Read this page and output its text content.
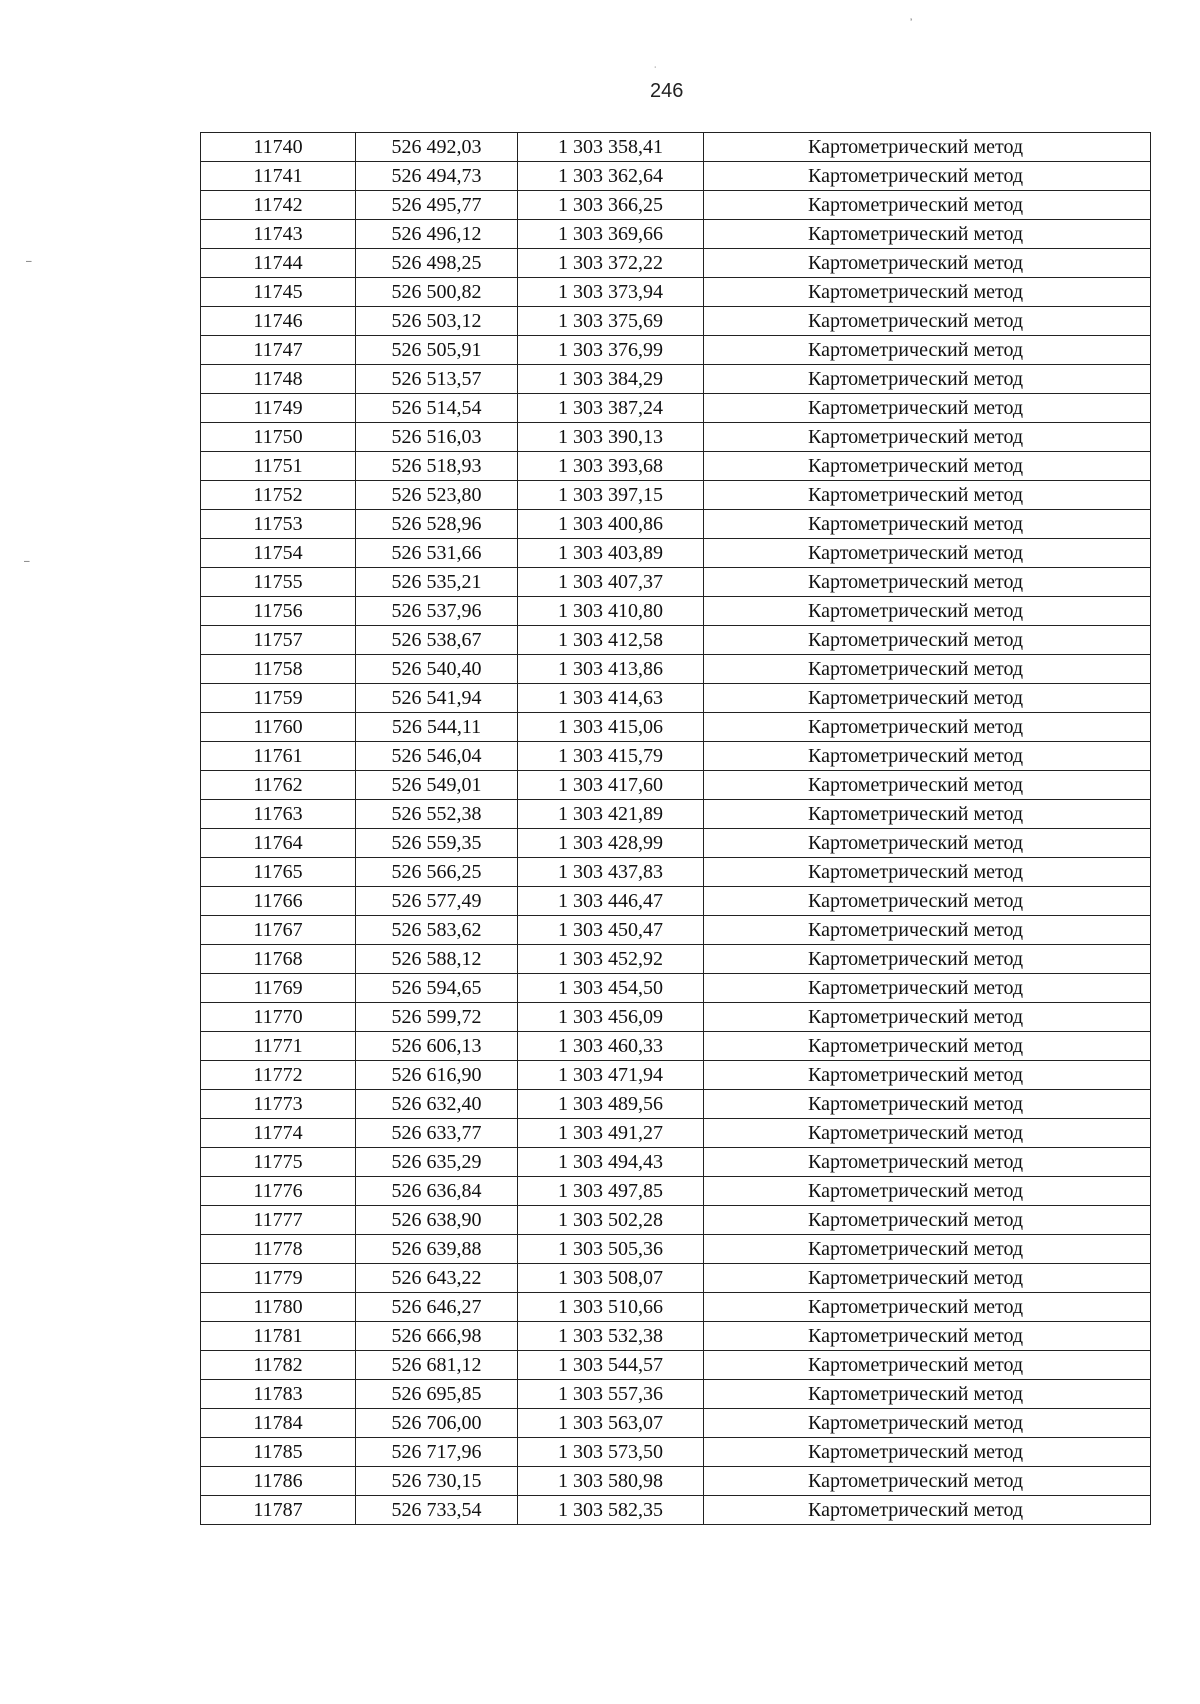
246
ʼ
˙
–
–
11740	526 492,03	1 303 358,41	Картометрический метод
11741	526 494,73	1 303 362,64	Картометрический метод
11742	526 495,77	1 303 366,25	Картометрический метод
11743	526 496,12	1 303 369,66	Картометрический метод
11744	526 498,25	1 303 372,22	Картометрический метод
11745	526 500,82	1 303 373,94	Картометрический метод
11746	526 503,12	1 303 375,69	Картометрический метод
11747	526 505,91	1 303 376,99	Картометрический метод
11748	526 513,57	1 303 384,29	Картометрический метод
11749	526 514,54	1 303 387,24	Картометрический метод
11750	526 516,03	1 303 390,13	Картометрический метод
11751	526 518,93	1 303 393,68	Картометрический метод
11752	526 523,80	1 303 397,15	Картометрический метод
11753	526 528,96	1 303 400,86	Картометрический метод
11754	526 531,66	1 303 403,89	Картометрический метод
11755	526 535,21	1 303 407,37	Картометрический метод
11756	526 537,96	1 303 410,80	Картометрический метод
11757	526 538,67	1 303 412,58	Картометрический метод
11758	526 540,40	1 303 413,86	Картометрический метод
11759	526 541,94	1 303 414,63	Картометрический метод
11760	526 544,11	1 303 415,06	Картометрический метод
11761	526 546,04	1 303 415,79	Картометрический метод
11762	526 549,01	1 303 417,60	Картометрический метод
11763	526 552,38	1 303 421,89	Картометрический метод
11764	526 559,35	1 303 428,99	Картометрический метод
11765	526 566,25	1 303 437,83	Картометрический метод
11766	526 577,49	1 303 446,47	Картометрический метод
11767	526 583,62	1 303 450,47	Картометрический метод
11768	526 588,12	1 303 452,92	Картометрический метод
11769	526 594,65	1 303 454,50	Картометрический метод
11770	526 599,72	1 303 456,09	Картометрический метод
11771	526 606,13	1 303 460,33	Картометрический метод
11772	526 616,90	1 303 471,94	Картометрический метод
11773	526 632,40	1 303 489,56	Картометрический метод
11774	526 633,77	1 303 491,27	Картометрический метод
11775	526 635,29	1 303 494,43	Картометрический метод
11776	526 636,84	1 303 497,85	Картометрический метод
11777	526 638,90	1 303 502,28	Картометрический метод
11778	526 639,88	1 303 505,36	Картометрический метод
11779	526 643,22	1 303 508,07	Картометрический метод
11780	526 646,27	1 303 510,66	Картометрический метод
11781	526 666,98	1 303 532,38	Картометрический метод
11782	526 681,12	1 303 544,57	Картометрический метод
11783	526 695,85	1 303 557,36	Картометрический метод
11784	526 706,00	1 303 563,07	Картометрический метод
11785	526 717,96	1 303 573,50	Картометрический метод
11786	526 730,15	1 303 580,98	Картометрический метод
11787	526 733,54	1 303 582,35	Картометрический метод
